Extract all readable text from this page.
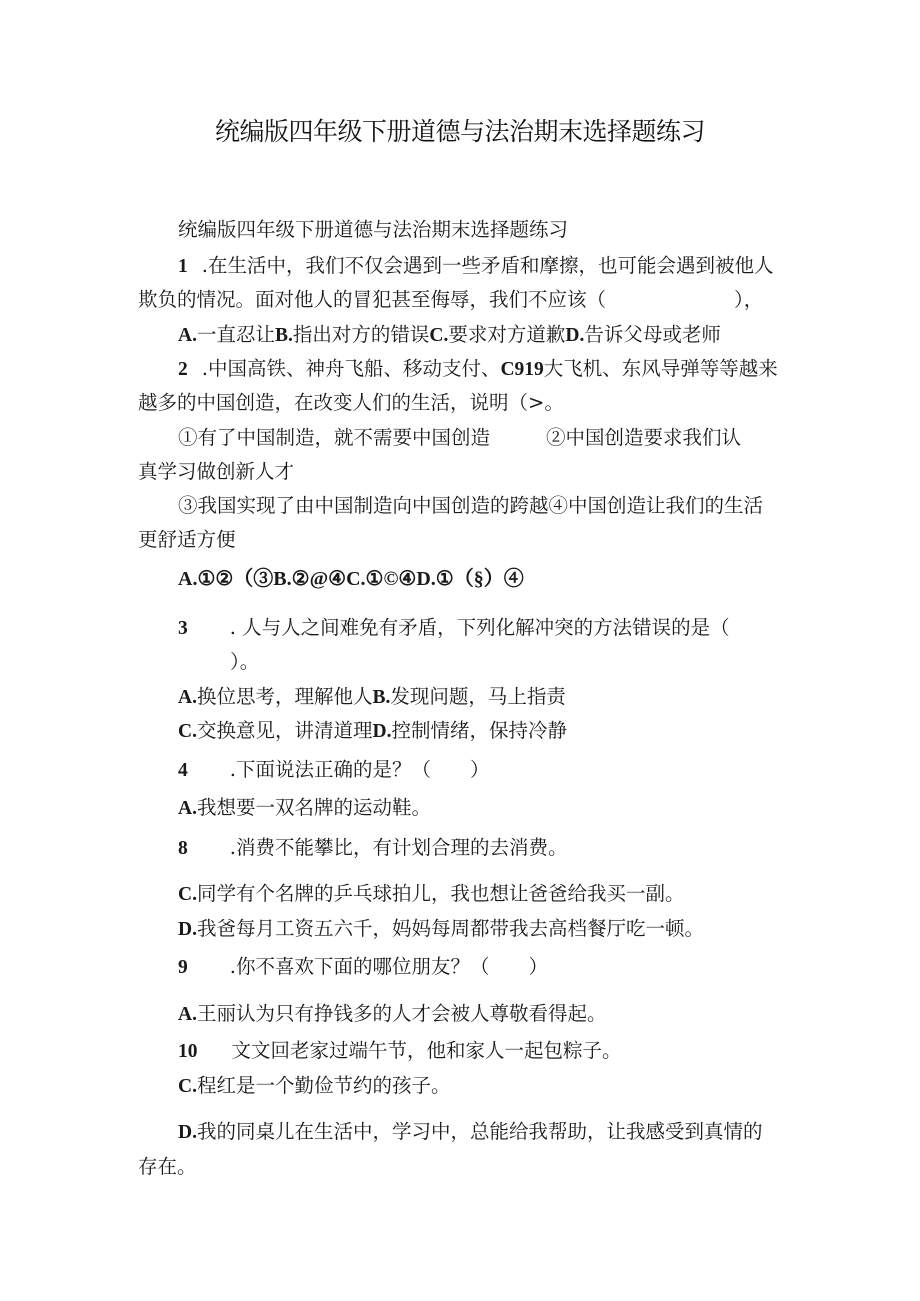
统编版四年级下册道德与法治期末选择题练习
统编版四年级下册道德与法治期末选择题练习
1 .在生活中，我们不仅会遇到一些矛盾和摩擦，也可能会遇到被他人
欺负的情况。面对他人的冒犯甚至侮辱，我们不应该（	），
A.一直忍让B.指出对方的错误C.要求对方道歉D.告诉父母或老师
2 .中国高铁、神舟飞船、移动支付、C919大飞机、东风导弹等等越来
越多的中国创造，在改变人们的生活，说明（>。
①有了中国制造，就不需要中国创造	②中国创造要求我们认
真学习做创新人才
③我国实现了由中国制造向中国创造的跨越④中国创造让我们的生活
更舒适方便
A.①②（③B.②@④C.①©④D.①（§）④
3 . 人与人之间难免有矛盾，下列化解冲突的方法错误的是（
）。
A.换位思考，理解他人B.发现问题，马上指责
C.交换意见，讲清道理D.控制情绪，保持冷静
4 .下面说法正确的是？（　　）
A.我想要一双名牌的运动鞋。
8 .消费不能攀比，有计划合理的去消费。
C.同学有个名牌的乒乓球拍儿，我也想让爸爸给我买一副。
D.我爸每月工资五六千，妈妈每周都带我去高档餐厅吃一顿。
9 .你不喜欢下面的哪位朋友？（　　）
A.王丽认为只有挣钱多的人才会被人尊敬看得起。
10 文文回老家过端午节，他和家人一起包粽子。
C.程红是一个勤俭节约的孩子。
D.我的同桌儿在生活中，学习中，总能给我帮助，让我感受到真情的
存在。
